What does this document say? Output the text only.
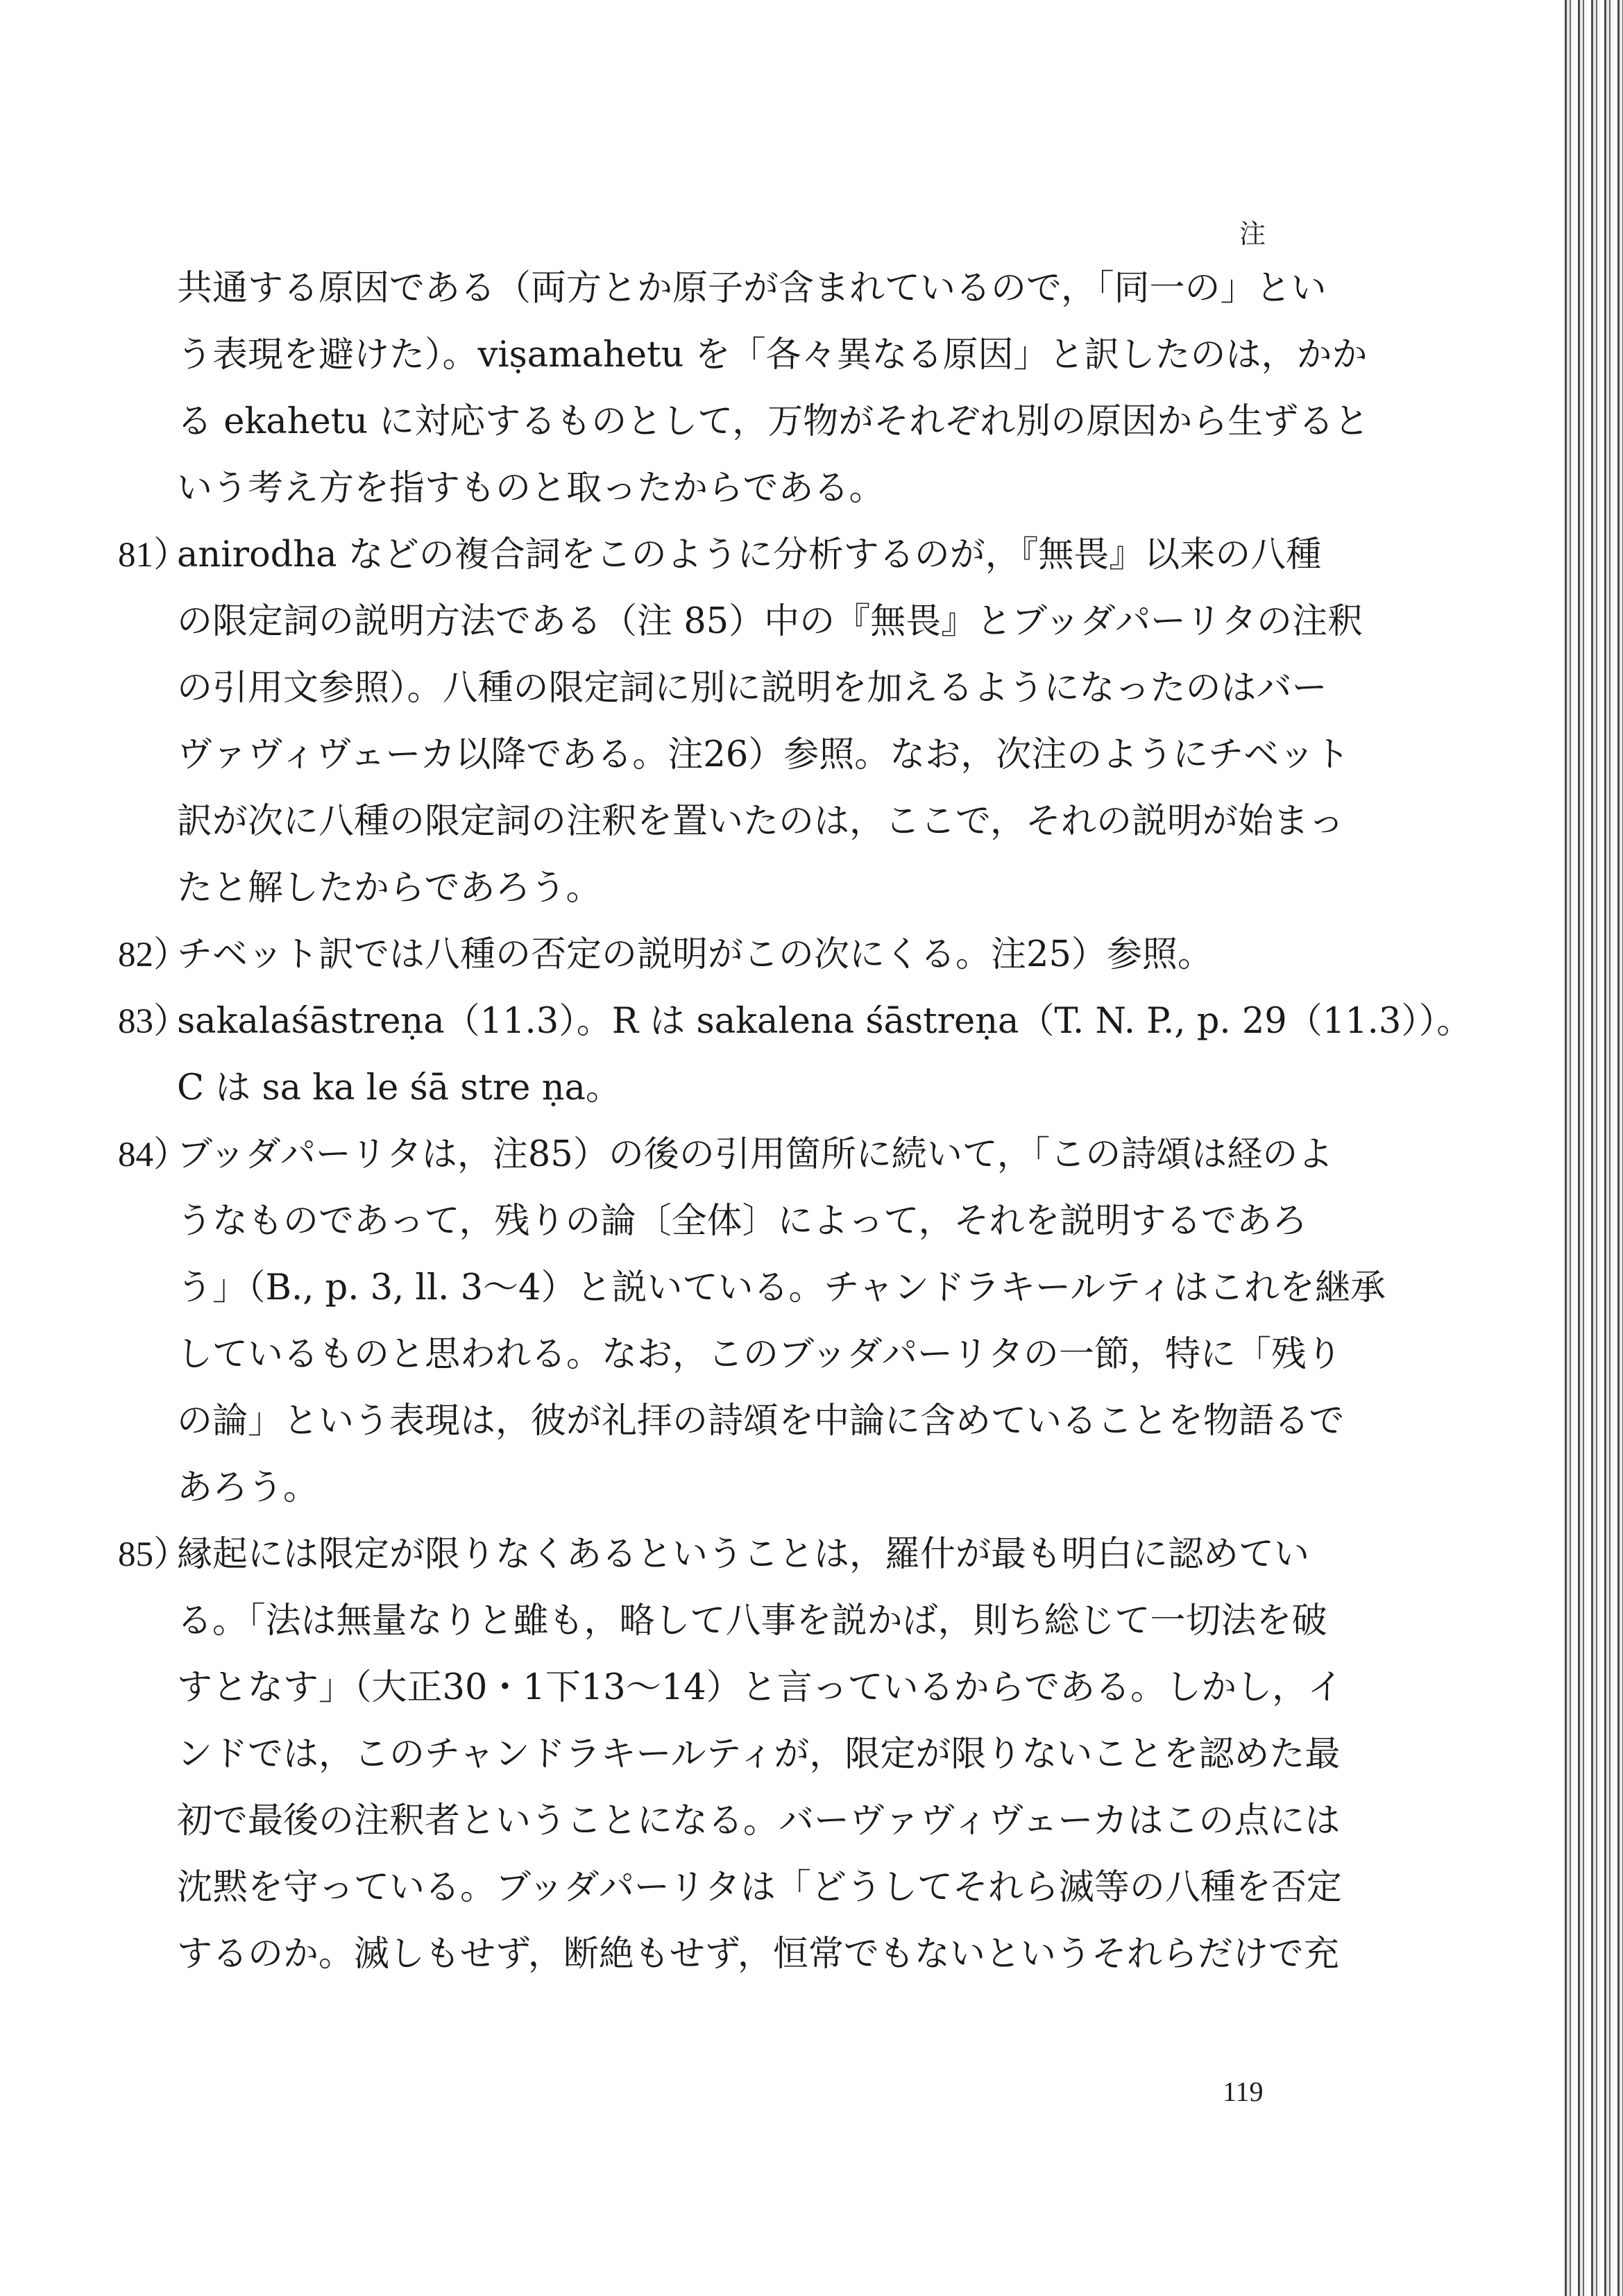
注
共通する原因である（両方とか原子が含まれているので，「同一の」とい
う表現を避けた）。viṣamahetu を「各々異なる原因」と訳したのは，かか
る ekahetu に対応するものとして，万物がそれぞれ別の原因から生ずると
いう考え方を指すものと取ったからである。
81）
anirodha などの複合詞をこのように分析するのが，『無畏』以来の八種
の限定詞の説明方法である（注 85）中の『無畏』とブッダパーリタの注釈
の引用文参照）。八種の限定詞に別に説明を加えるようになったのはバー
ヴァヴィヴェーカ以降である。注26）参照。なお，次注のようにチベット
訳が次に八種の限定詞の注釈を置いたのは，ここで，それの説明が始まっ
たと解したからであろう。
82）
チベット訳では八種の否定の説明がこの次にくる。注25）参照。
83）
sakalaśāstreṇa（11.3）。R は sakalena śāstreṇa（T. N. P., p. 29（11.3））。
C は sa ka le śā stre ṇa。
84）
ブッダパーリタは，注85）の後の引用箇所に続いて，「この詩頌は経のよ
うなものであって，残りの論〔全体〕によって，それを説明するであろ
う」（B., p. 3, ll. 3〜4）と説いている。チャンドラキールティはこれを継承
しているものと思われる。なお，このブッダパーリタの一節，特に「残り
の論」という表現は，彼が礼拝の詩頌を中論に含めていることを物語るで
あろう。
85）
縁起には限定が限りなくあるということは，羅什が最も明白に認めてい
る。「法は無量なりと雖も，略して八事を説かば，則ち総じて一切法を破
すとなす」（大正30・1下13〜14）と言っているからである。しかし，イ
ンドでは，このチャンドラキールティが，限定が限りないことを認めた最
初で最後の注釈者ということになる。バーヴァヴィヴェーカはこの点には
沈黙を守っている。ブッダパーリタは「どうしてそれら滅等の八種を否定
するのか。滅しもせず，断絶もせず，恒常でもないというそれらだけで充
119
